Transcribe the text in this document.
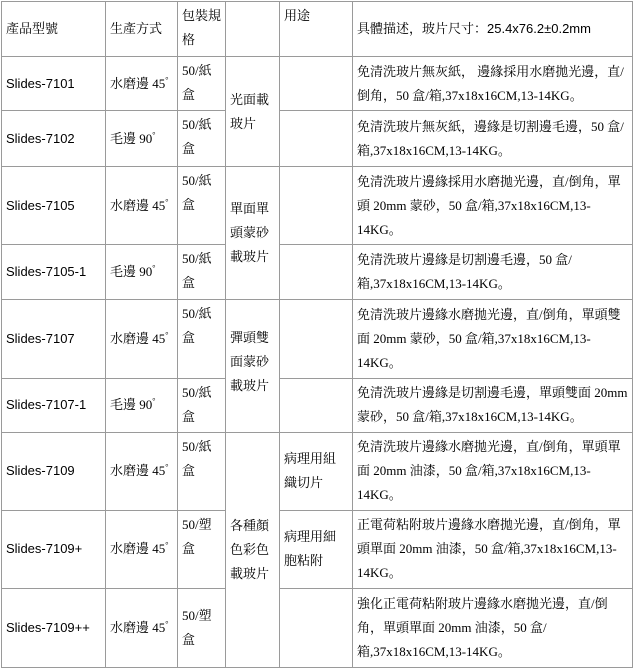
產品型號	生產方式	包裝規格		用途	具體描述，玻片尺寸：25.4x76.2±0.2mm
Slides-7101	水磨邊 45°	50/紙盒	光面載玻片		免清洗玻片無灰紙， 邊緣採用水磨拋光邊，直/倒角，50 盒/箱,37x18x16CM,13-14KG。
Slides-7102	毛邊 90°	50/紙盒			免清洗玻片無灰紙，邊緣是切割邊毛邊，50 盒/箱,37x18x16CM,13-14KG。
Slides-7105	水磨邊 45°	50/紙盒	單面單頭蒙砂載玻片		免清洗玻片邊緣採用水磨拋光邊，直/倒角，單頭 20mm 蒙砂，50 盒/箱,37x18x16CM,13-14KG。
Slides-7105-1	毛邊 90°	50/紙盒			免清洗玻片邊緣是切割邊毛邊，50 盒/箱,37x18x16CM,13-14KG。
Slides-7107	水磨邊 45°	50/紙盒	彈頭雙面蒙砂載玻片		免清洗玻片邊緣水磨拋光邊，直/倒角，單頭雙面 20mm 蒙砂，50 盒/箱,37x18x16CM,13-14KG。
Slides-7107-1	毛邊 90°	50/紙盒			免清洗玻片邊緣是切割邊毛邊，單頭雙面 20mm 蒙砂，50 盒/箱,37x18x16CM,13-14KG。
Slides-7109	水磨邊 45°	50/紙盒	各種顏色彩色載玻片	病理用組織切片	免清洗玻片邊緣水磨拋光邊，直/倒角，單頭單面 20mm 油漆，50 盒/箱,37x18x16CM,13-14KG。
Slides-7109+	水磨邊 45°	50/塑盒		病理用細胞粘附	正電荷粘附玻片邊緣水磨拋光邊，直/倒角，單頭單面 20mm 油漆，50 盒/箱,37x18x16CM,13-14KG。
Slides-7109++	水磨邊 45°	50/塑盒			強化正電荷粘附玻片邊緣水磨拋光邊，直/倒角，單頭單面 20mm 油漆，50 盒/箱,37x18x16CM,13-14KG。
